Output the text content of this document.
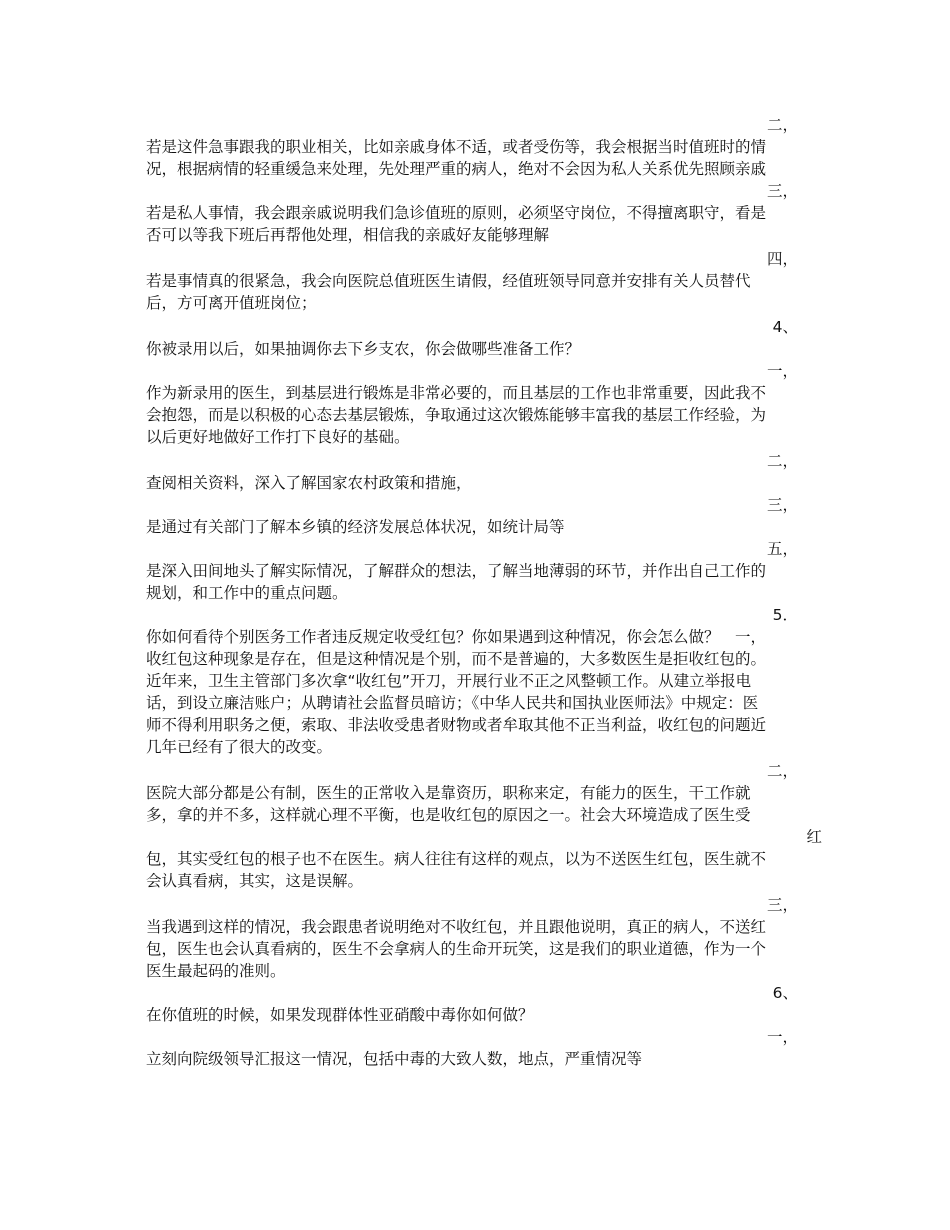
二，
若是这件急事跟我的职业相关，比如亲戚身体不适，或者受伤等，我会根据当时值班时的情
况，根据病情的轻重缓急来处理，先处理严重的病人，绝对不会因为私人关系优先照顾亲戚
三，
若是私人事情，我会跟亲戚说明我们急诊值班的原则，必须坚守岗位，不得擅离职守，看是
否可以等我下班后再帮他处理，相信我的亲戚好友能够理解
四，
若是事情真的很紧急，我会向医院总值班医生请假，经值班领导同意并安排有关人员替代
后，方可离开值班岗位；
4、
你被录用以后，如果抽调你去下乡支农，你会做哪些准备工作？
一，
作为新录用的医生，到基层进行锻炼是非常必要的，而且基层的工作也非常重要，因此我不
会抱怨，而是以积极的心态去基层锻炼，争取通过这次锻炼能够丰富我的基层工作经验，为
以后更好地做好工作打下良好的基础。
二，
查阅相关资料，深入了解国家农村政策和措施，
三，
是通过有关部门了解本乡镇的经济发展总体状况，如统计局等
五，
是深入田间地头了解实际情况，了解群众的想法，了解当地薄弱的环节，并作出自己工作的
规划，和工作中的重点问题。
5．
你如何看待个别医务工作者违反规定收受红包？你如果遇到这种情况，你会怎么做？　一，
收红包这种现象是存在，但是这种情况是个别，而不是普遍的，大多数医生是拒收红包的。
近年来，卫生主管部门多次拿“收红包”开刀，开展行业不正之风整顿工作。从建立举报电
话，到设立廉洁账户；从聘请社会监督员暗访；《中华人民共和国执业医师法》中规定：医
师不得利用职务之便，索取、非法收受患者财物或者牟取其他不正当利益，收红包的问题近
几年已经有了很大的改变。
二，
医院大部分都是公有制，医生的正常收入是靠资历，职称来定，有能力的医生，干工作就
多，拿的并不多，这样就心理不平衡，也是收红包的原因之一。社会大环境造成了医生受
红
包，其实受红包的根子也不在医生。病人往往有这样的观点，以为不送医生红包，医生就不
会认真看病，其实，这是误解。
三，
当我遇到这样的情况，我会跟患者说明绝对不收红包，并且跟他说明，真正的病人，不送红
包，医生也会认真看病的，医生不会拿病人的生命开玩笑，这是我们的职业道德，作为一个
医生最起码的准则。
6、
在你值班的时候，如果发现群体性亚硝酸中毒你如何做？
一，
立刻向院级领导汇报这一情况，包括中毒的大致人数，地点，严重情况等
